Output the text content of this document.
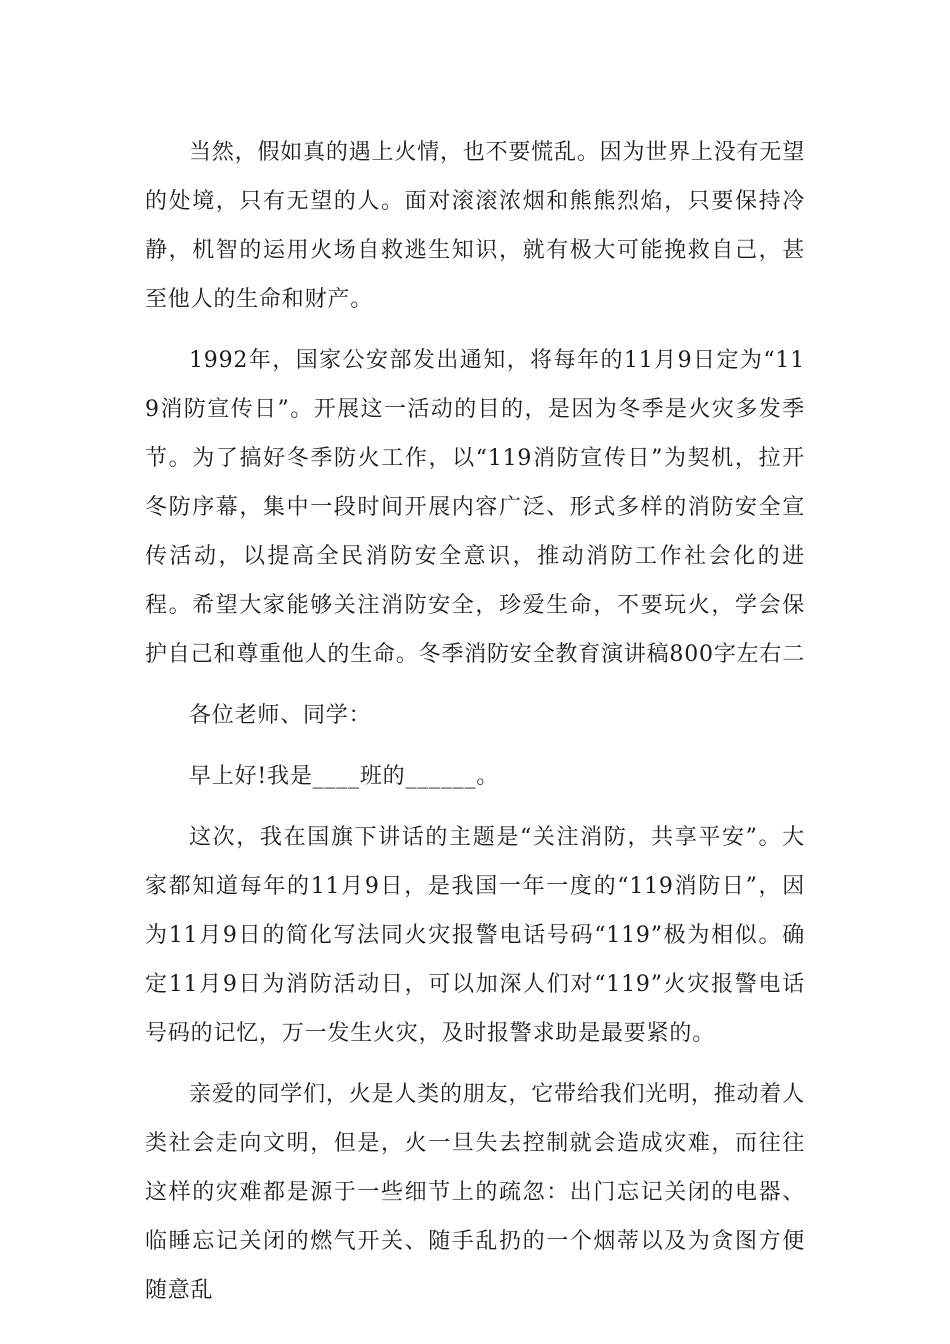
当然，假如真的遇上火情，也不要慌乱。因为世界上没有无望的处境，只有无望的人。面对滚滚浓烟和熊熊烈焰，只要保持冷静，机智的运用火场自救逃生知识，就有极大可能挽救自己，甚至他人的生命和财产。

1992年，国家公安部发出通知，将每年的11月9日定为“119消防宣传日”。开展这一活动的目的，是因为冬季是火灾多发季节。为了搞好冬季防火工作，以“119消防宣传日”为契机，拉开冬防序幕，集中一段时间开展内容广泛、形式多样的消防安全宣传活动，以提高全民消防安全意识，推动消防工作社会化的进程。希望大家能够关注消防安全，珍爱生命，不要玩火，学会保护自己和尊重他人的生命。冬季消防安全教育演讲稿800字左右二

各位老师、同学：

早上好!我是____班的______。

这次，我在国旗下讲话的主题是“关注消防，共享平安”。大家都知道每年的11月9日，是我国一年一度的“119消防日”，因为11月9日的简化写法同火灾报警电话号码“119”极为相似。确定11月9日为消防活动日，可以加深人们对“119”火灾报警电话号码的记忆，万一发生火灾，及时报警求助是最要紧的。

亲爱的同学们，火是人类的朋友，它带给我们光明，推动着人类社会走向文明，但是，火一旦失去控制就会造成灾难，而往往这样的灾难都是源于一些细节上的疏忽：出门忘记关闭的电器、临睡忘记关闭的燃气开关、随手乱扔的一个烟蒂以及为贪图方便随意乱
